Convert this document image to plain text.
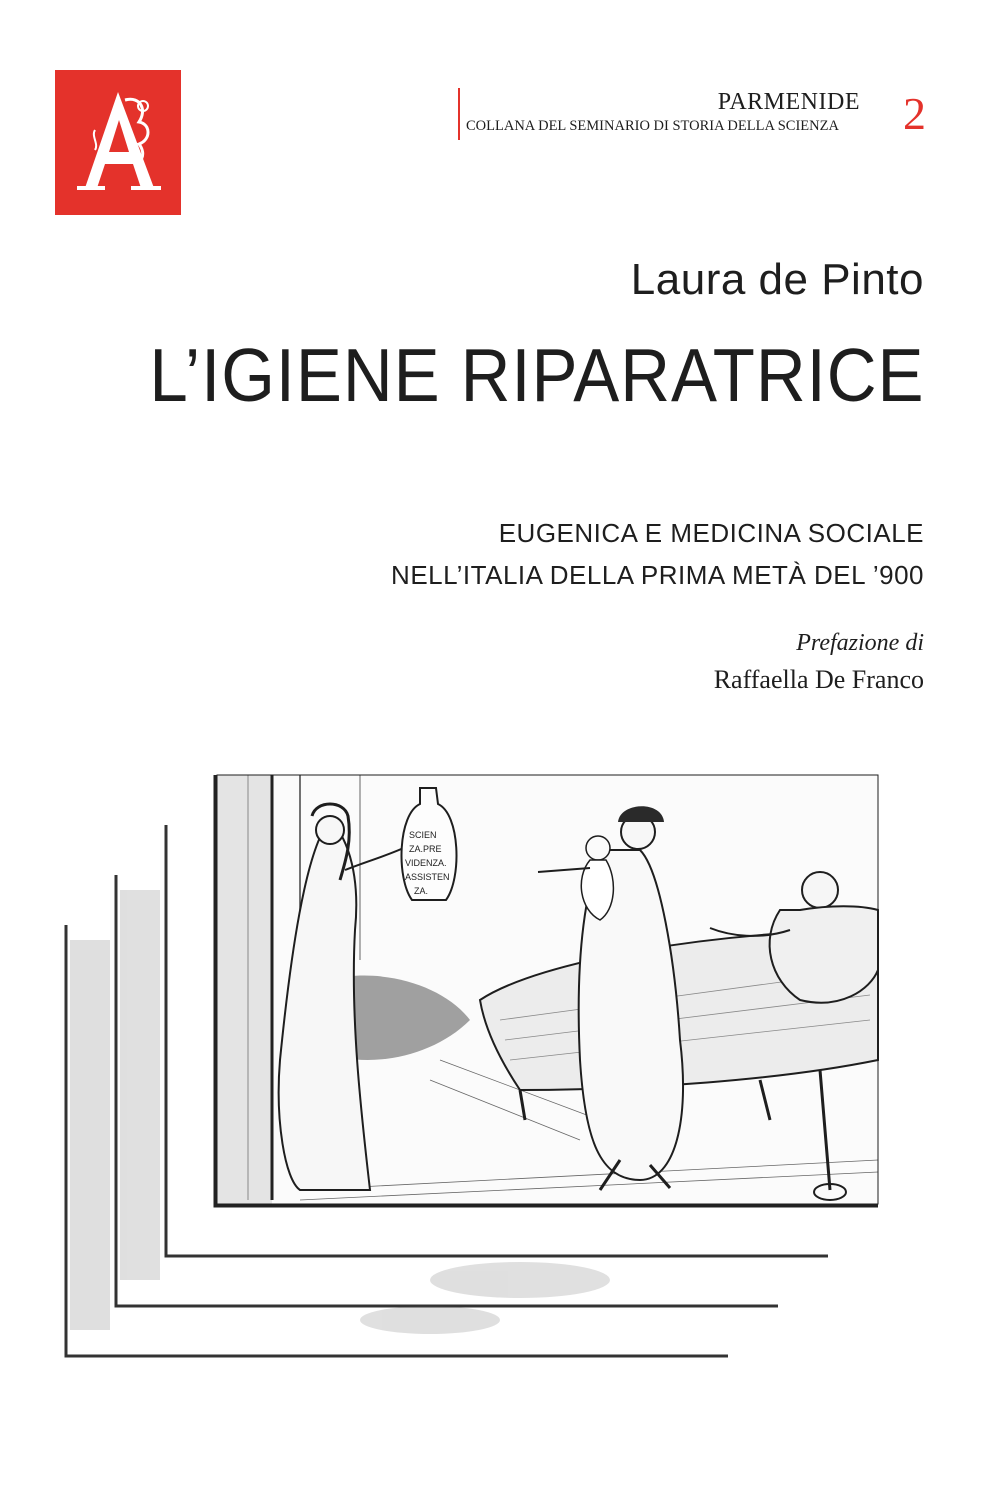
PARMENIDE
COLLANA DEL SEMINARIO DI STORIA DELLA SCIENZA 2
Laura de Pinto
L’IGIENE RIPARATRICE
EUGENICA E MEDICINA SOCIALE
NELL’ITALIA DELLA PRIMA METÀ DEL ’900
Prefazione di
Raffaella De Franco
SCIEN
ZA.PRE
VIDENZA.
ASSISTEN
ZA.
